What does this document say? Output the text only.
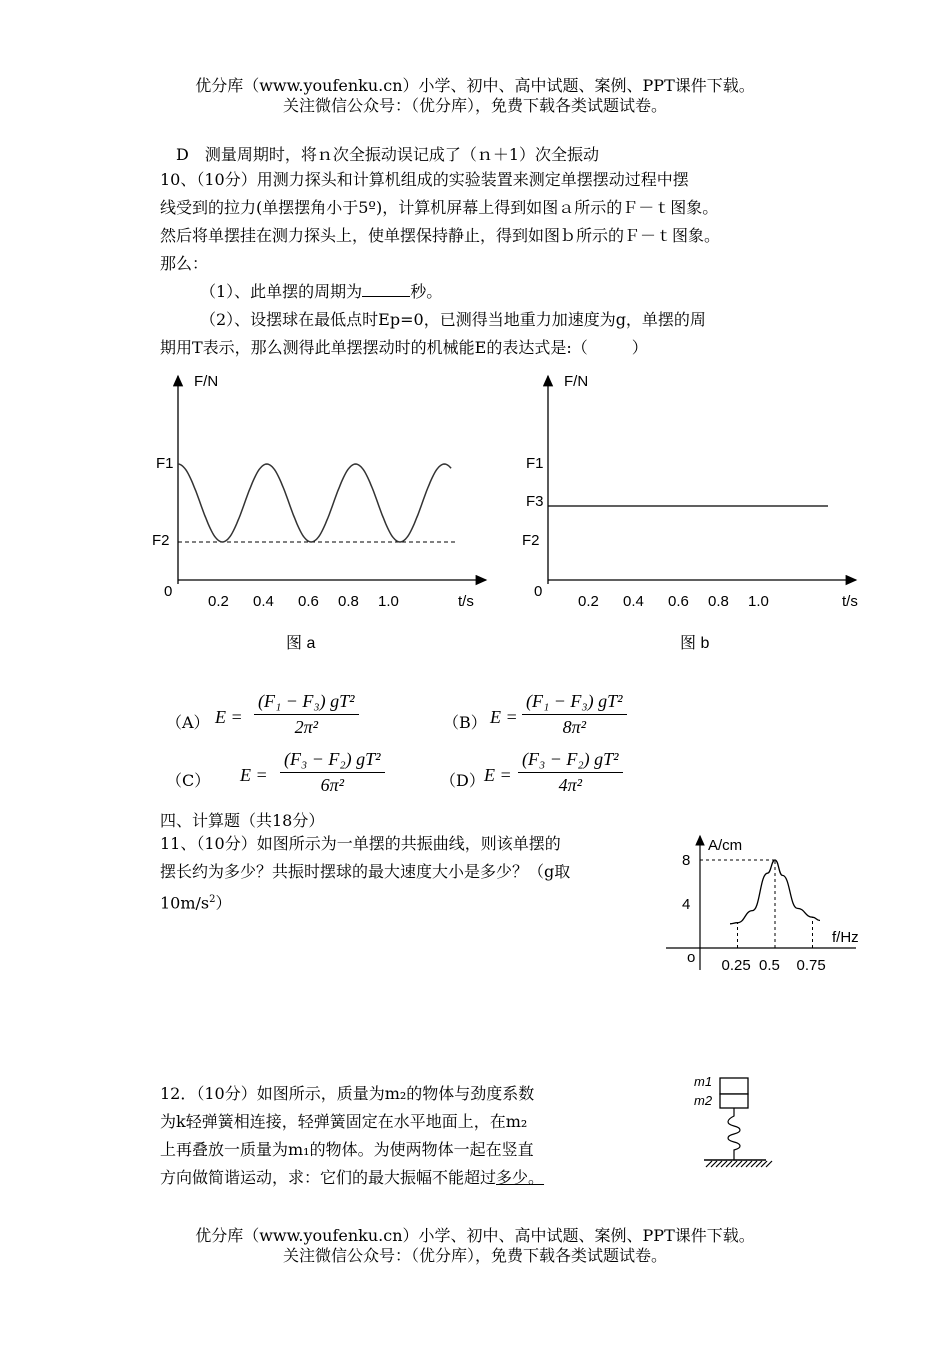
优分库（www.youfenku.cn）小学、初中、高中试题、案例、PPT课件下载。
关注微信公众号：（优分库），免费下载各类试题试卷。
D　测量周期时，将ｎ次全振动误记成了（ｎ＋1）次全振动

10、（10分）用测力探头和计算机组成的实验装置来测定单摆摆动过程中摆

线受到的拉力(单摆摆角小于5º)，计算机屏幕上得到如图ａ所示的Ｆ－ｔ图象。

然后将单摆挂在测力探头上，使单摆保持静止，得到如图ｂ所示的Ｆ－ｔ图象。

那么：

（1）、此单摆的周期为	秒。

（2）、设摆球在最低点时Ep=0，已测得当地重力加速度为g，单摆的周

期用T表示，那么测得此单摆摆动时的机械能E的表达式是:（	）

F/N
t/s
0
F1
F2
0.2 0.4 0.6 0.8 1.0
图 a
F/N
t/s
0
F1
F3
F2
0.2 0.4 0.6 0.8 1.0
图 b
（A） $E = \frac{\text{(F₁ − F₃) gT²}}{\text{2π²}}$	（B） $E = \frac{\text{(F₁ − F₃) gT²}}{\text{8π²}}$
（C） $E = \frac{\text{(F₃ − F₂) gT²}}{\text{6π²}}$	（D） $E = \frac{\text{(F₃ − F₂) gT²}}{\text{4π²}}$
四、计算题（共18分）
11、（10分）如图所示为一单摆的共振曲线，则该单摆的
摆长约为多少？共振时摆球的最大速度大小是多少？（g取
$10m/s^2$）
A/cm
f/Hz
o
4
8
0.25 0.5 0.75
12．（10分）如图所示，质量为m₂的物体与劲度系数
为k轻弹簧相连接，轻弹簧固定在水平地面上，在m₂
上再叠放一质量为m₁的物体。为使两物体一起在竖直
方向做简谐运动，求：它们的最大振幅不能超过多少。
m1
m2
优分库（www.youfenku.cn）小学、初中、高中试题、案例、PPT课件下载。
关注微信公众号：（优分库），免费下载各类试题试卷。
